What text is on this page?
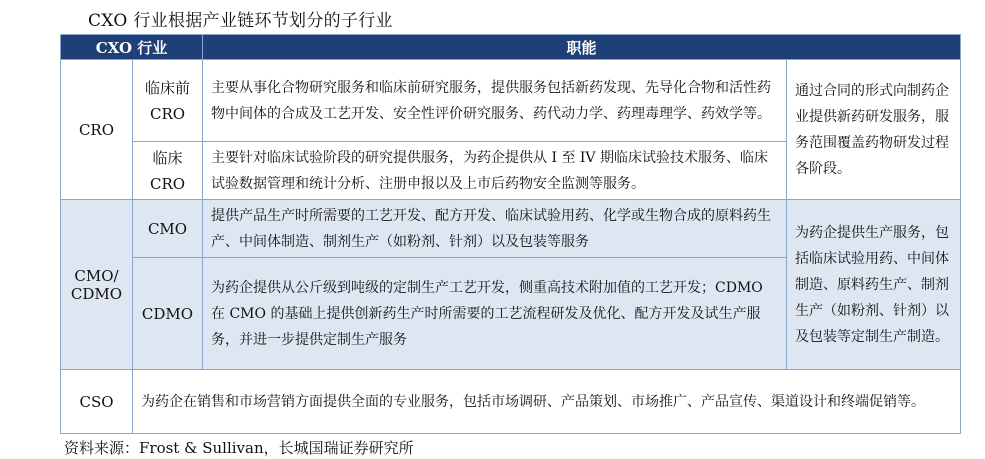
CXO 行业根据产业链环节划分的子行业
CXO 行业		职能	
CRO	临床前 CRO	主要从事化合物研究服务和临床前研究服务，提供服务包括新药发现、先导化合物和活性药物中间体的合成及工艺开发、安全性评价研究服务、药代动力学、药理毒理学、药效学等。	通过合同的形式向制药企业提供新药研发服务，服务范围覆盖药物研发过程各阶段。
	临床 CRO	主要针对临床试验阶段的研究提供服务，为药企提供从 I 至 IV 期临床试验技术服务、临床试验数据管理和统计分析、注册申报以及上市后药物安全监测等服务。	
CMO/ CDMO	CMO	提供产品生产时所需要的工艺开发、配方开发、临床试验用药、化学或生物合成的原料药生产、中间体制造、制剂生产（如粉剂、针剂）以及包装等服务	为药企提供生产服务，包括临床试验用药、中间体制造、原料药生产、制剂生产（如粉剂、针剂）以及包装等定制生产制造。
	CDMO	为药企提供从公斤级到吨级的定制生产工艺开发，侧重高技术附加值的工艺开发；CDMO 在 CMO 的基础上提供创新药生产时所需要的工艺流程研发及优化、配方开发及试生产服务，并进一步提供定制生产服务	
CSO	为药企在销售和市场营销方面提供全面的专业服务，包括市场调研、产品策划、市场推广、产品宣传、渠道设计和终端促销等。		
资料来源：Frost & Sullivan，长城国瑞证券研究所
